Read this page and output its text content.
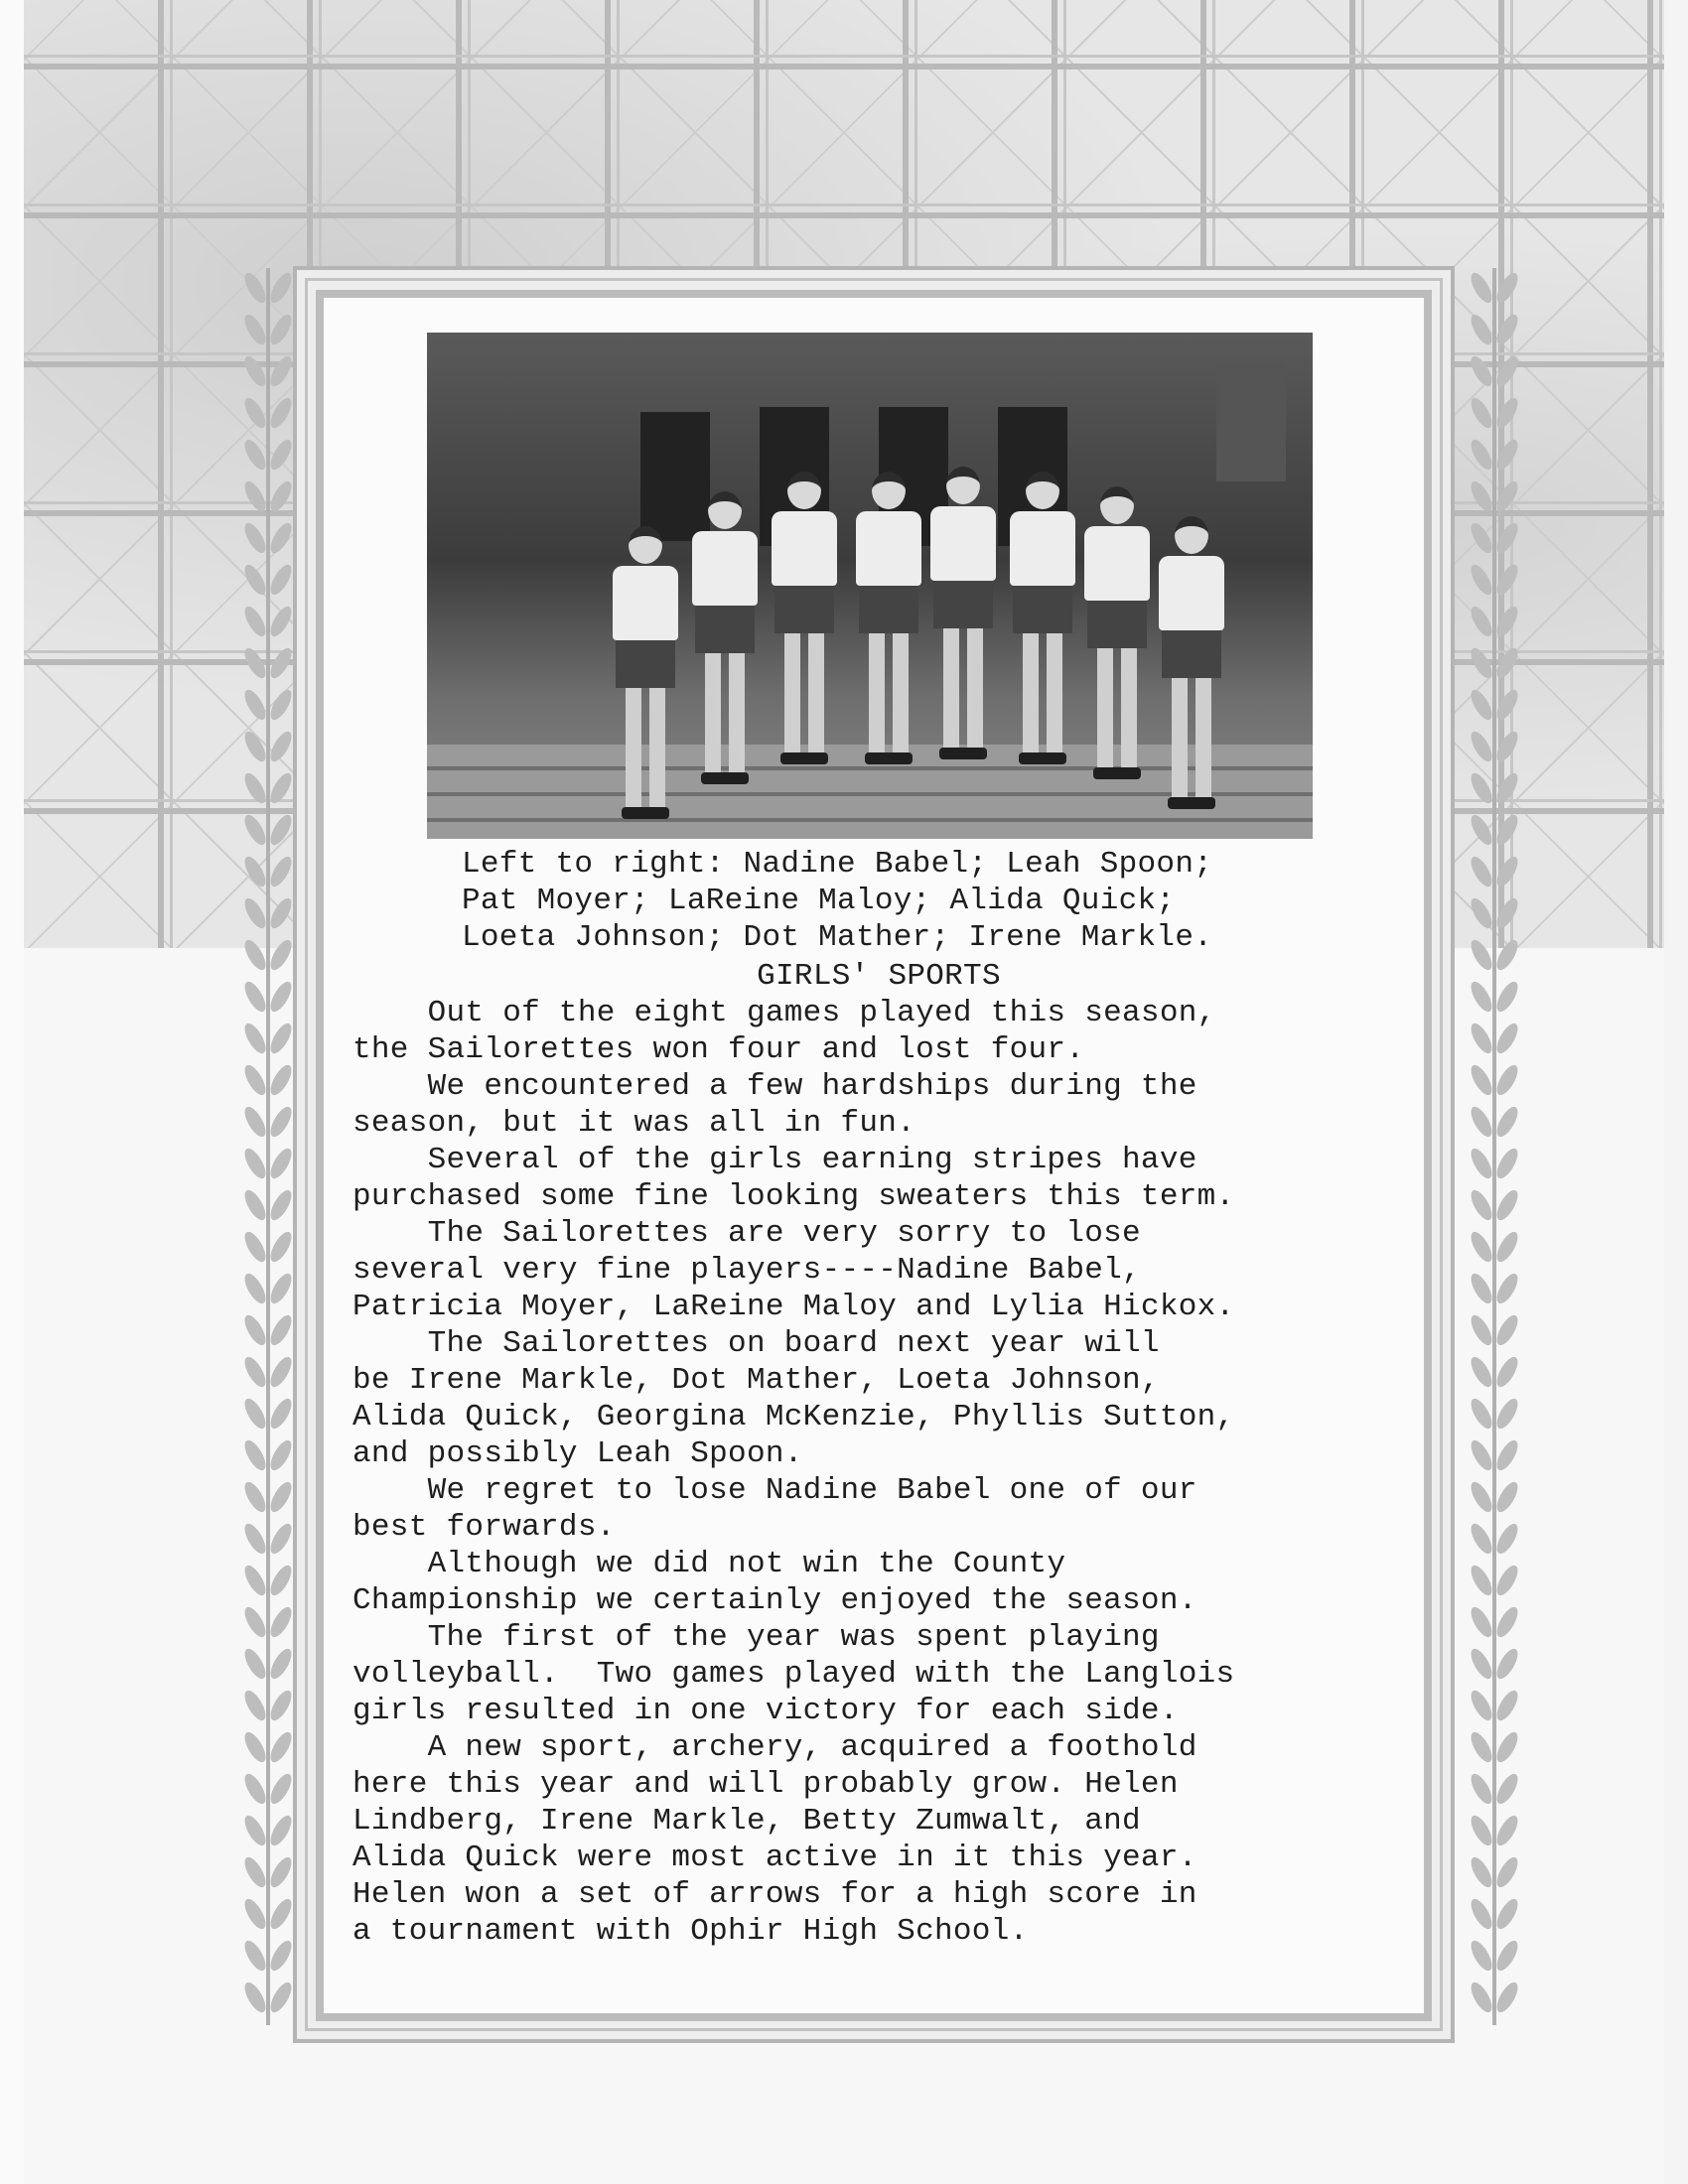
Left to right: Nadine Babel; Leah Spoon;
Pat Moyer; LaReine Maloy; Alida Quick;
Loeta Johnson; Dot Mather; Irene Markle.
GIRLS' SPORTS
Out of the eight games played this season,
the Sailorettes won four and lost four.
We encountered a few hardships during the
season, but it was all in fun.
Several of the girls earning stripes have
purchased some fine looking sweaters this term.
The Sailorettes are very sorry to lose
several very fine players----Nadine Babel,
Patricia Moyer, LaReine Maloy and Lylia Hickox.
The Sailorettes on board next year will
be Irene Markle, Dot Mather, Loeta Johnson,
Alida Quick, Georgina McKenzie, Phyllis Sutton,
and possibly Leah Spoon.
We regret to lose Nadine Babel one of our
best forwards.
Although we did not win the County
Championship we certainly enjoyed the season.
The first of the year was spent playing
volleyball.  Two games played with the Langlois
girls resulted in one victory for each side.
A new sport, archery, acquired a foothold
here this year and will probably grow. Helen
Lindberg, Irene Markle, Betty Zumwalt, and
Alida Quick were most active in it this year.
Helen won a set of arrows for a high score in
a tournament with Ophir High School.
